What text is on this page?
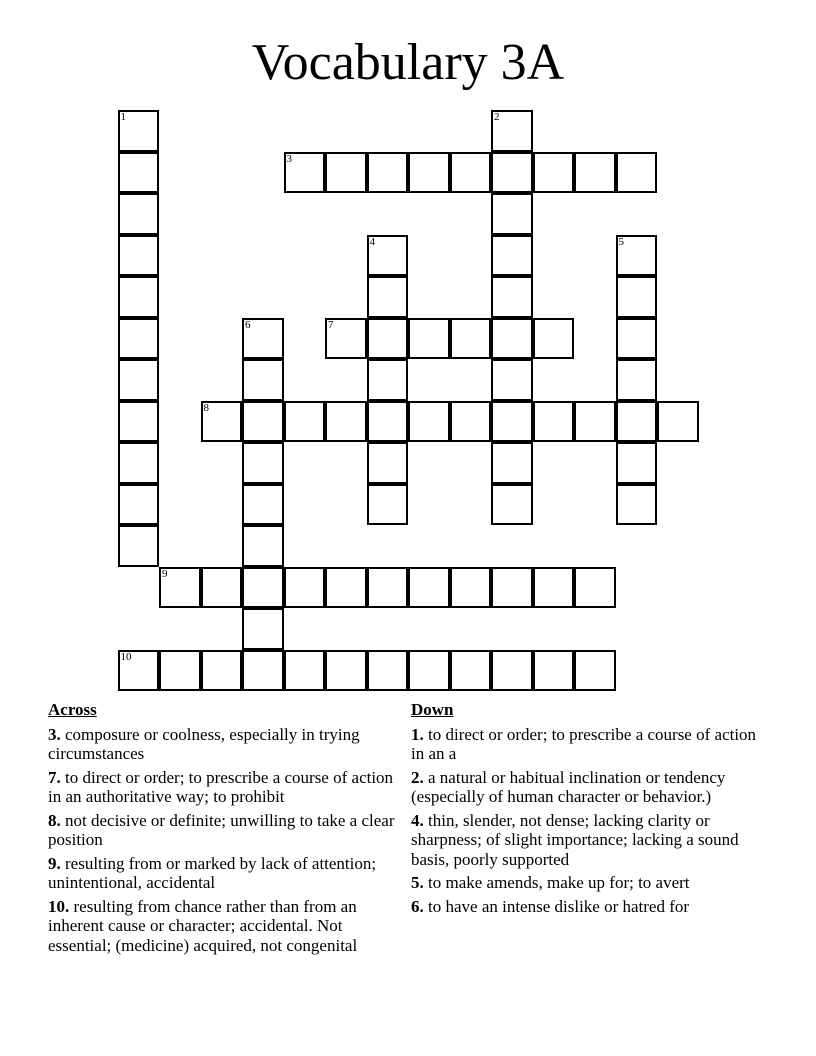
Vocabulary 3A
3
7
8
9
10
1	2
4	5
6
Across
3. composure or coolness, especially in trying circumstances
7. to direct or order; to prescribe a course of action in an authoritative way; to prohibit
8. not decisive or definite; unwilling to take a clear position
9. resulting from or marked by lack of attention; unintentional, accidental
10. resulting from chance rather than from an inherent cause or character; accidental. Not essential; (medicine) acquired, not congenital
Down
1. to direct or order; to prescribe a course of action in an a
2. a natural or habitual inclination or tendency (especially of human character or behavior.)
4. thin, slender, not dense; lacking clarity or sharpness; of slight importance; lacking a sound basis, poorly supported
5. to make amends, make up for; to avert
6. to have an intense dislike or hatred for
